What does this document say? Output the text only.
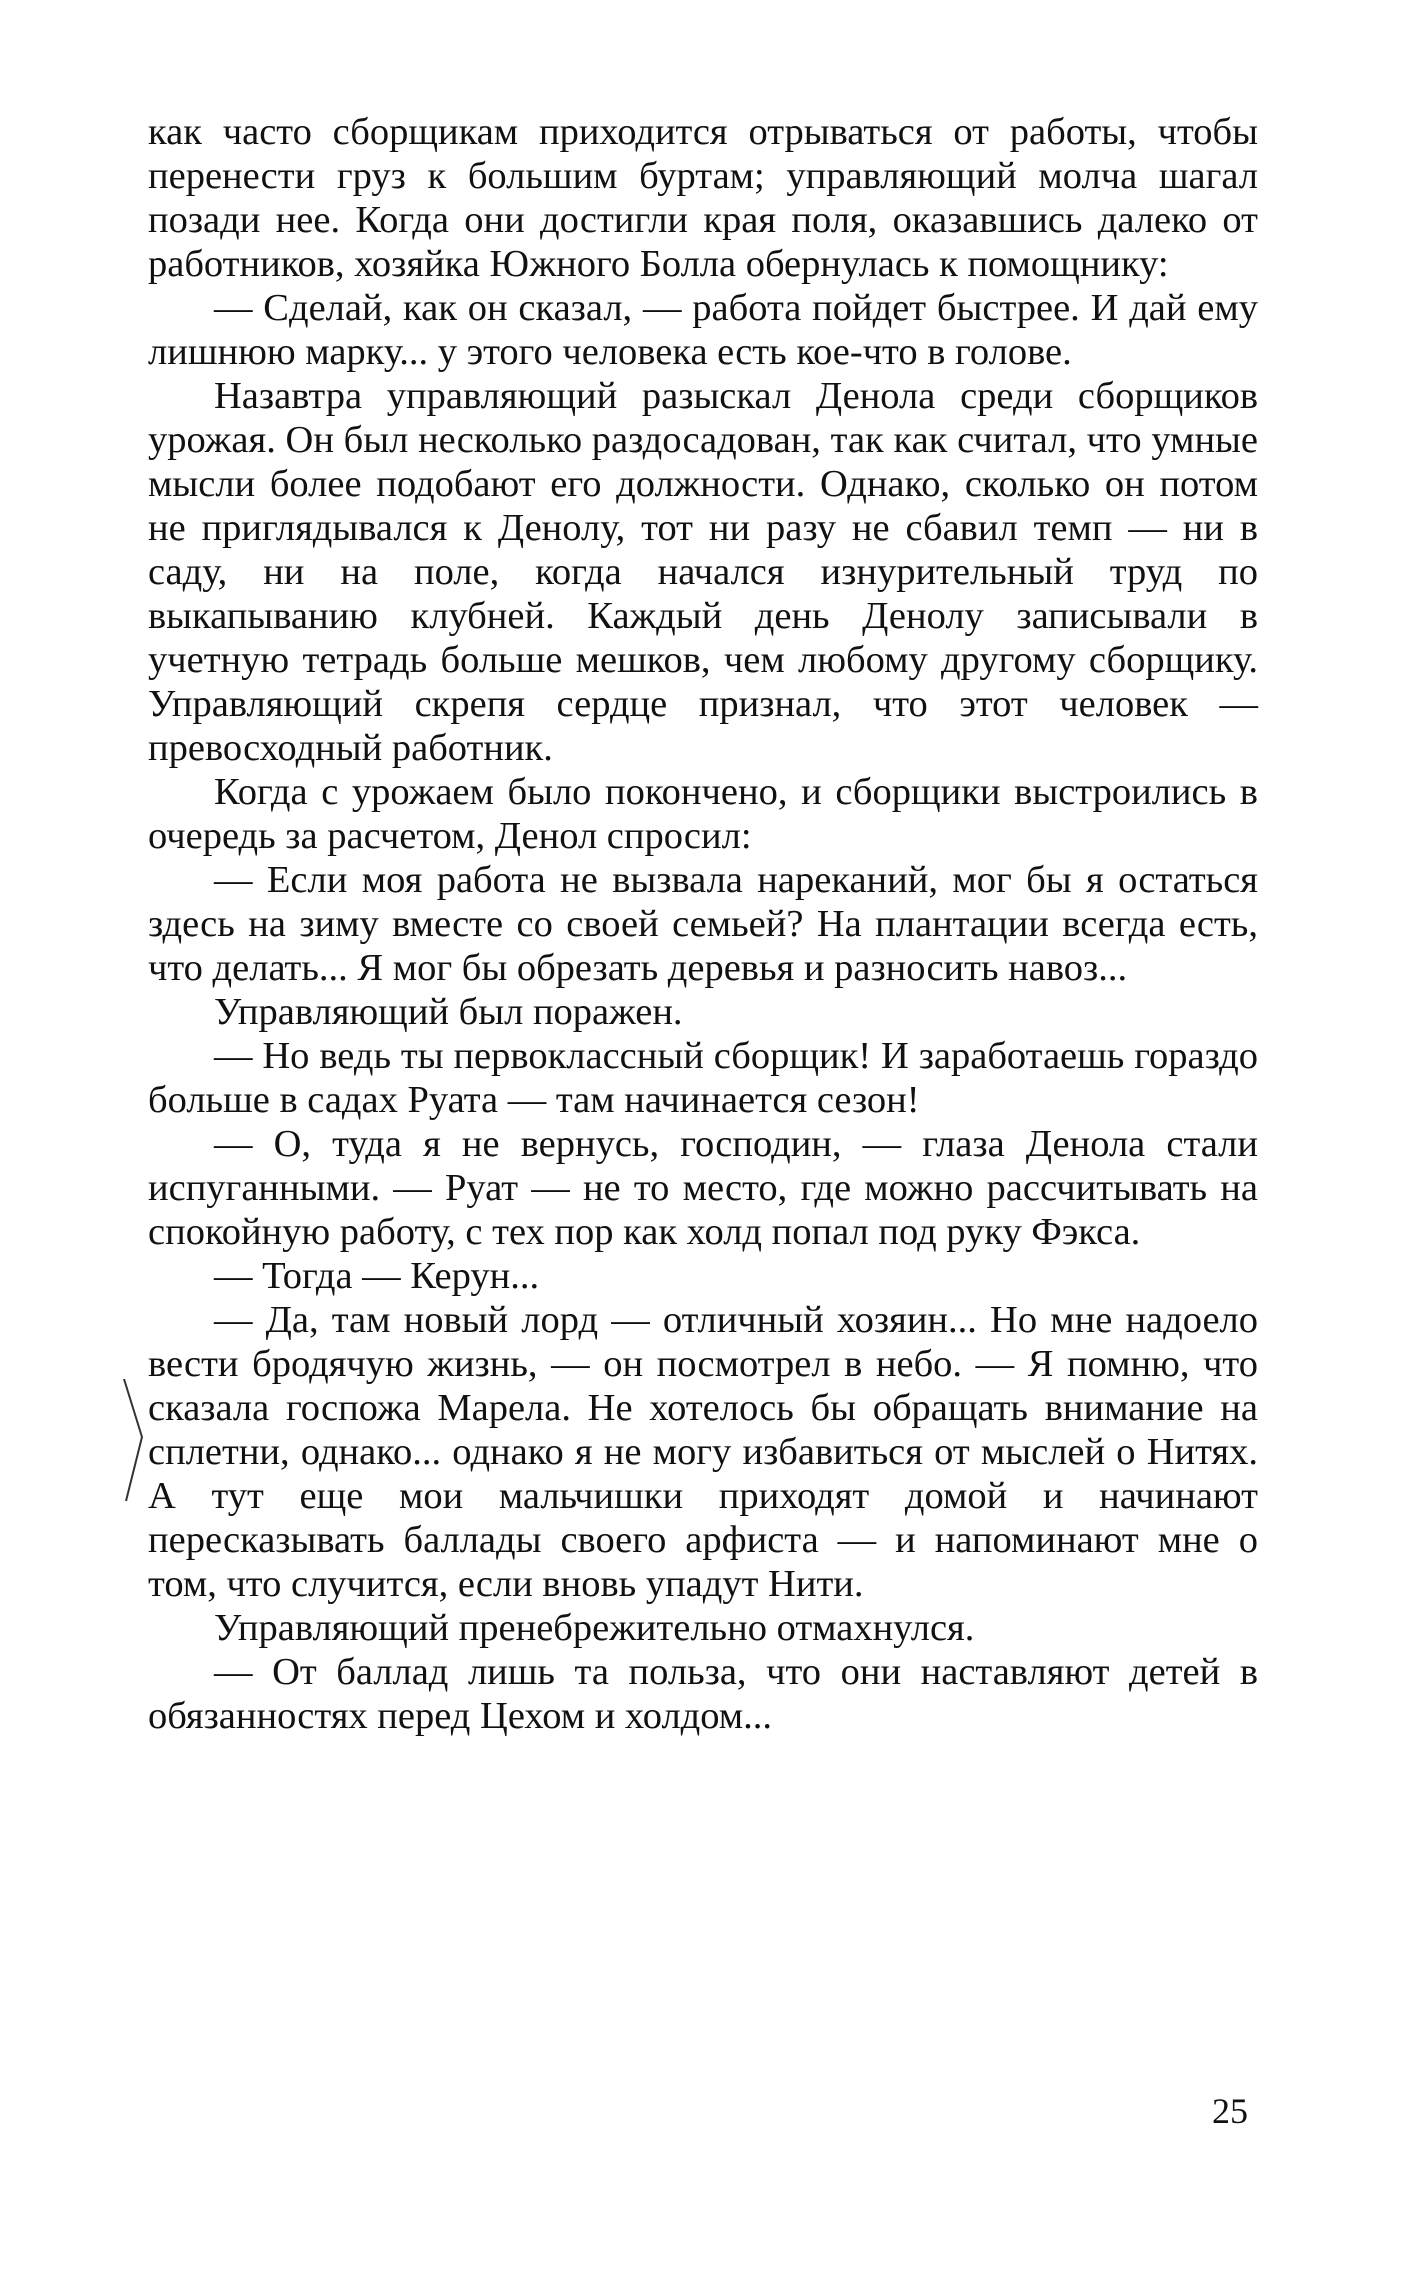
как часто сборщикам приходится отрываться от работы, чтобы перенести груз к большим буртам; управляющий молча шагал позади нее. Когда они достигли края поля, оказавшись далеко от работников, хозяйка Южного Болла обернулась к помощнику:

— Сделай, как он сказал, — работа пойдет быстрее. И дай ему лишнюю марку... у этого человека есть кое-что в голове.

Назавтра управляющий разыскал Денола среди сборщиков урожая. Он был несколько раздосадован, так как считал, что умные мысли более подобают его должности. Однако, сколько он потом не приглядывался к Денолу, тот ни разу не сбавил темп — ни в саду, ни на поле, когда начался изнурительный труд по выкапыванию клубней. Каждый день Денолу записывали в учетную тетрадь больше мешков, чем любому другому сборщику. Управляющий скрепя сердце признал, что этот человек — превосходный работник.

Когда с урожаем было покончено, и сборщики выстроились в очередь за расчетом, Денол спросил:

— Если моя работа не вызвала нареканий, мог бы я остаться здесь на зиму вместе со своей семьей? На плантации всегда есть, что делать... Я мог бы обрезать деревья и разносить навоз...

Управляющий был поражен.

— Но ведь ты первоклассный сборщик! И заработаешь гораздо больше в садах Руата — там начинается сезон!

— О, туда я не вернусь, господин, — глаза Денола стали испуганными. — Руат — не то место, где можно рассчитывать на спокойную работу, с тех пор как холд попал под руку Фэкса.

— Тогда — Керун...

— Да, там новый лорд — отличный хозяин... Но мне надоело вести бродячую жизнь, — он посмотрел в небо. — Я помню, что сказала госпожа Марела. Не хотелось бы обращать внимание на сплетни, однако... однако я не могу избавиться от мыслей о Нитях. А тут еще мои мальчишки приходят домой и начинают пересказывать баллады своего арфиста — и напоминают мне о том, что случится, если вновь упадут Нити.

Управляющий пренебрежительно отмахнулся.

— От баллад лишь та польза, что они наставляют детей в обязанностях перед Цехом и холдом...

25
